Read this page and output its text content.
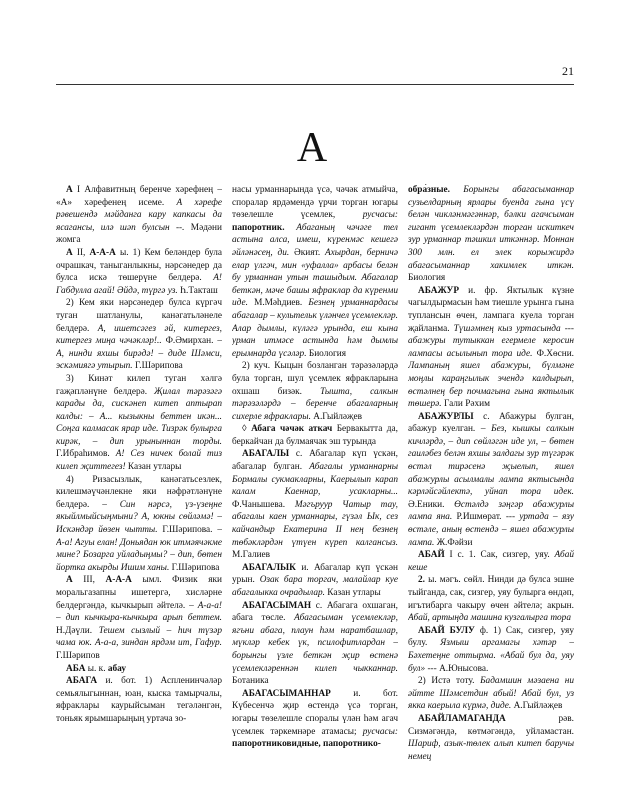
21
А

А I Алфавитның беренче хәрефнең – «А» хәрефенең исеме. А хәрефе рәвешендә мәйданга кару капкасы да ясагансы, илә шәп булсын --. Мәдәни жомга

А II, А-А-А ы. 1) Кем беләндер була очрашкач, таныганлыкны, нәрсәнедер да булса искә төшерүне белдерә. А! Габдулла агай! Әйдә, түргә уз. Һ.Такташ

2) Кем яки нәрсәнедер булса күргәч туган шатланулы, канәгатьләнеле белдерә. А, ишетсәгез әй, китергез, китергез миңа чәчәкләр!.. Ф.Әмирхан. – А, нинди яхшы бирәдә! – диде Шәмси, эскәмиягә утырып. Г.Шәрипова

3) Кинәт килеп туган хәлгә гаҗәпләнүне белдерә. Җилал тәрәзәгә карады да, сискәнеп китеп аптырап калды: – А... кызыкны беттен икән... Соңга калмасак ярар иде. Тизрәк булырга кирәк, – дип урыныннан торды. Г.Ибраһимов. А! Сез ничек болай тиз килеп җиттегез! Казан утлары

4) Ризасызлык, канәгатьсезлек, килешмәүчәнлекне яки нәфрәтләнүне белдерә. – Син нәрсә, үз-үзеңне якыйлмыйсыңмыни? А, юкны сөйләмә! – Искәндәр йөзен чытты. Г.Шәрипова. – А-а! Агуы елан! Доньядан юк итмәячәкме мине? Бозарга уйладыңмы? – дип, бөтен йортка акырды Ишим ханы. Г.Шәрипова

А III, А-А-А ымл. Физик яки моральгазапны ишетергә, хисләрне белдергәндә, кычкырып әйтелә. – А-а-а! – дип кычкыра-кычкыра арып беттем. Н.Дәүли. Тешем сызлый – һич түзәр чама юк. А-а-а, зиндан ярдәм ит, Гафур. Г.Шәрипов

АБА ы. к. абау

АБАГА и. бот. 1) Аспленинчәләр семьялыгыннан, юан, кыска тамырчалы, яфраклары каурыйсыман тегәләнгән, тоньяк ярымшарыңың уртача зо-

насы урманнарында үсә, чәчәк атмыйча, споралар ярдәмендә үрчи торган югары төзелешле үсемлек, русчасы: папоротник. Абаганың чәчәге тел астына алса, имеш, күренмәс кешегә әйләнәсең, ди. Әкият. Ахырдан, берничә елар үлгәч, мин «уфалла» арбасы белән бу урманнан утын ташыдым. Абагалар беткән, мәче башы яфраклар да күренми иде. М.Мәһдиев. Безнең урманнардасы абагалар – культельк үләнчел үсемлекләр. Алар дымлы, күләгә урында, еш кына урман итмәсе астында һәм дымлы ерымнарда үсәләр. Биология

2) куч. Кыцын бозланган тәрәзәләрдә була торган, шул үсемлек яфракларына охшаш бизәк. Тышта, салкын тәрәзәләрдә – беренче абагаларның сихерле яфраклары. А.Гыйләҗев

◊ Абага чәчәк аткач Бервакытта да, беркайчан да булмаячак эш турында

АБАГАЛЫ с. Абагалар күп үскән, абагалар булган. Абагалы урманнарны Бормалы сукмакларны, Каерылып карап калам Каеннар, усакларны... Ф.Чанышева. Мәгъруур Чатыр тау, абагалы каен урманнары, гүзәл Ык, сез кайчандыр Екатерина II нең безнең төбәкләрдән үтүен күреп калгансыз. М.Галиев

АБАГАЛЫК и. Абагалар күп үскән урын. Озак бара торгач, малайлар куе абагалыкка очрадылар. Казан утлары

АБАГАСЫМАН с. Абагага охшаган, абага төсле. Абагасыман үсемлекләр, ягъни абага, плаун һәм наратбашлар, мүкләр кебек үк, псилофитлардан – борынгы үзле беткән җир өстенә үсемлекләреннән килеп чыкканнар. Ботаника

АБАГАСЫМАННАР и. бот. Күбесенчә җир өстендә үсә торган, югары төзелешле споралы үлән һәм агач үсемлек тәркемнәре атамасы; русчасы: папоротниковидные, папоротнико-

обра́зные. Борынгы абагасыманнар сузьелдарның ярлары буенда гына үсү белән чикләнмәгәннәр, бәлки агачсыман гигант үсемлекләрдән торган искиткеч зур урманнар тәшкил иткәннәр. Моннан 300 млн. ел элек корыжирдә абагасыманнар хакимлек иткән. Биология

АБАЖУР и. фр. Яктылык күзне чагылдырмасын һәм тиешле урынга гына туплансын өчен, лампага куела торган җайланма. Түшәмнең кыз уртасында --- абажуры тутыккан егермеле керосин лампасы асылынып тора иде. Ф.Хөсни. Лампаның яшел абажуры, бүлмәне моңлы караңгылык эчендә калдырып, өстәлнең бер почмагына гына яктылык төшерә. Гали Рәхим

АБАЖУРЛЫ с. Абажуры булган, абажур куелган. – Без, кышкы салкын кичләрдә, – дип сөйләгән иде ул, – бөтен гаиләбез белән яхшы залдагы зур түгәрәк өстәл тирәсенә җыелып, яшел абажурлы асылмалы лампа яктысында кәрләйсәйлектә, уйнап тора идек. Ә.Еники. Өстәлдә зәңгәр абажурлы лампа яна. Р.Ишмөрат. --- уртада – язу өстәле, аның өстендә – яшел абажурлы лампа. Ж.Фәйзи

АБАЙ I с. 1. Сак, сизгер, уяу. Абай кеше

2. ы. мәгъ. сөйл. Нинди дә булса эшне тыйганда, сак, сизгер, уяу булырга өндәп, игътибарга чакыру өчен әйтелә; акрын. Абай, артыңда машина кузгалырга тора

АБАЙ БУЛУ ф. 1) Сак, сизгер, уяу булу. Язмыш аргамагы хәтәр – Бәхетеңне оттырма. «Абай бул да, уяу бул» --- А.Юнысова.

2) Истә тоту. Бадамшин мәзаена ни әйтте Шәмсетдин абый! Абай бул, уз якка каерыла күрмә, диде. А.Гыйләҗев

АБАЙЛАМАГАНДА рәв. Сизмәгәндә, көтмәгәндә, уйламастан. Шариф, азык-төлек алып китеп баручы немец
